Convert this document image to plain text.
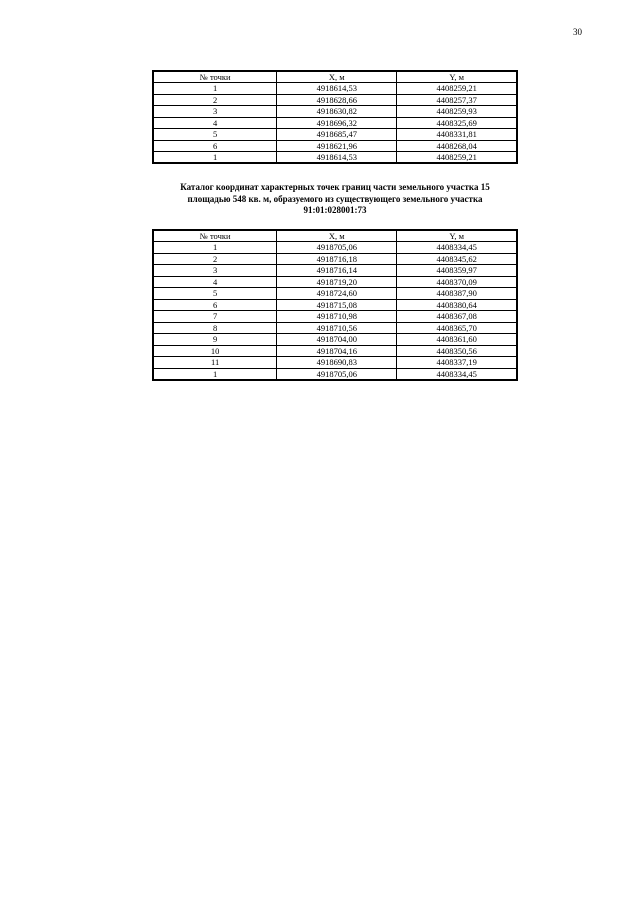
30
№ точки	X, м	Y, м
1	4918614,53	4408259,21
2	4918628,66	4408257,37
3	4918630,82	4408259,93
4	4918696,32	4408325,69
5	4918685,47	4408331,81
6	4918621,96	4408268,04
1	4918614,53	4408259,21
Каталог координат характерных точек границ части земельного участка 15
площадью 548 кв. м, образуемого из существующего земельного участка
91:01:028001:73
№ точки	X, м	Y, м
1	4918705,06	4408334,45
2	4918716,18	4408345,62
3	4918716,14	4408359,97
4	4918719,20	4408370,09
5	4918724,60	4408387,90
6	4918715,08	4408380,64
7	4918710,98	4408367,08
8	4918710,56	4408365,70
9	4918704,00	4408361,60
10	4918704,16	4408350,56
11	4918690,83	4408337,19
1	4918705,06	4408334,45
